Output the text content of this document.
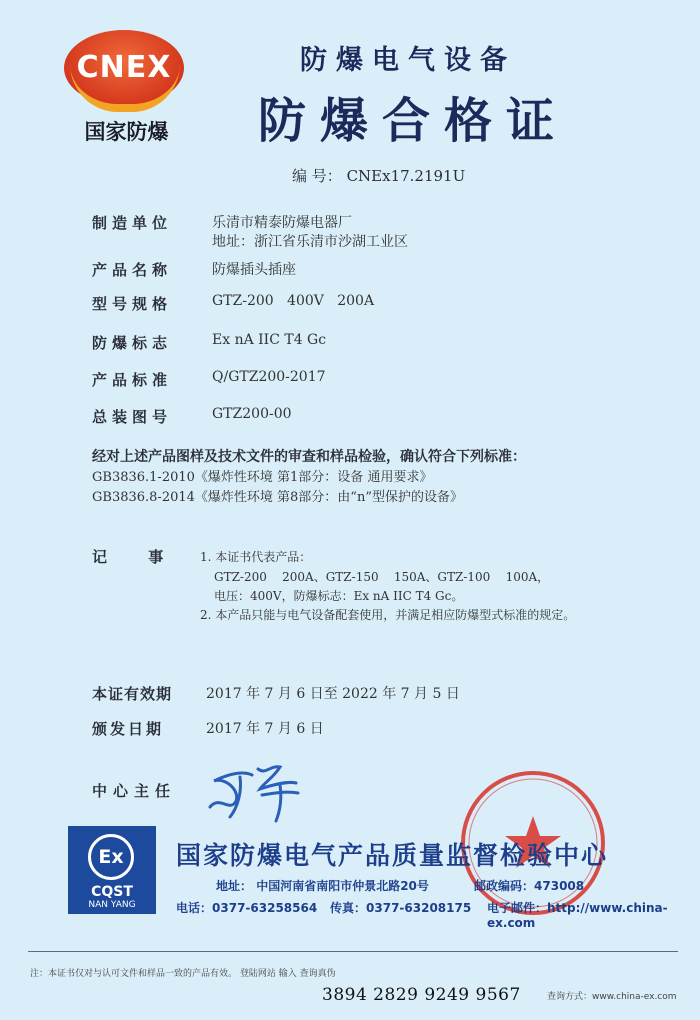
CNEX
国家防爆
防爆电气设备
防爆合格证
编 号： CNEx17.2191U
制造单位	乐清市精泰防爆电器厂
地址：浙江省乐清市沙湖工业区
产品名称	防爆插头插座
型号规格	GTZ-200   400V   200A
防爆标志	Ex nA IIC T4 Gc
产品标准	Q/GTZ200-2017
总装图号	GTZ200-00
经对上述产品图样及技术文件的审查和样品检验，确认符合下列标准：
GB3836.1-2010《爆炸性环境 第1部分：设备 通用要求》
GB3836.8-2014《爆炸性环境 第8部分：由“n”型保护的设备》
记 事 1. 本证书代表产品：
GTZ-200    200A、GTZ-150    150A、GTZ-100    100A，
电压：400V，防爆标志：Ex nA IIC T4 Gc。
2. 本产品只能与电气设备配套使用，并满足相应防爆型式标准的规定。
本证有效期 2017 年 7 月 6 日至 2022 年 7 月 5 日
颁发日期	2017 年 7 月 6 日
中心主任
Ex
CQST
NAN YANG
国家防爆电气产品质量监督检验中心
地址： 中国河南省南阳市仲景北路20号	邮政编码：473008
电话：0377-63258564 传真：0377-63208175 电子邮件：http://www.china-ex.com
注：本证书仅对与认可文件和样品一致的产品有效。 登陆网站 输入 查询真伪
3894 2829 9249 9567	查询方式：www.china-ex.com
